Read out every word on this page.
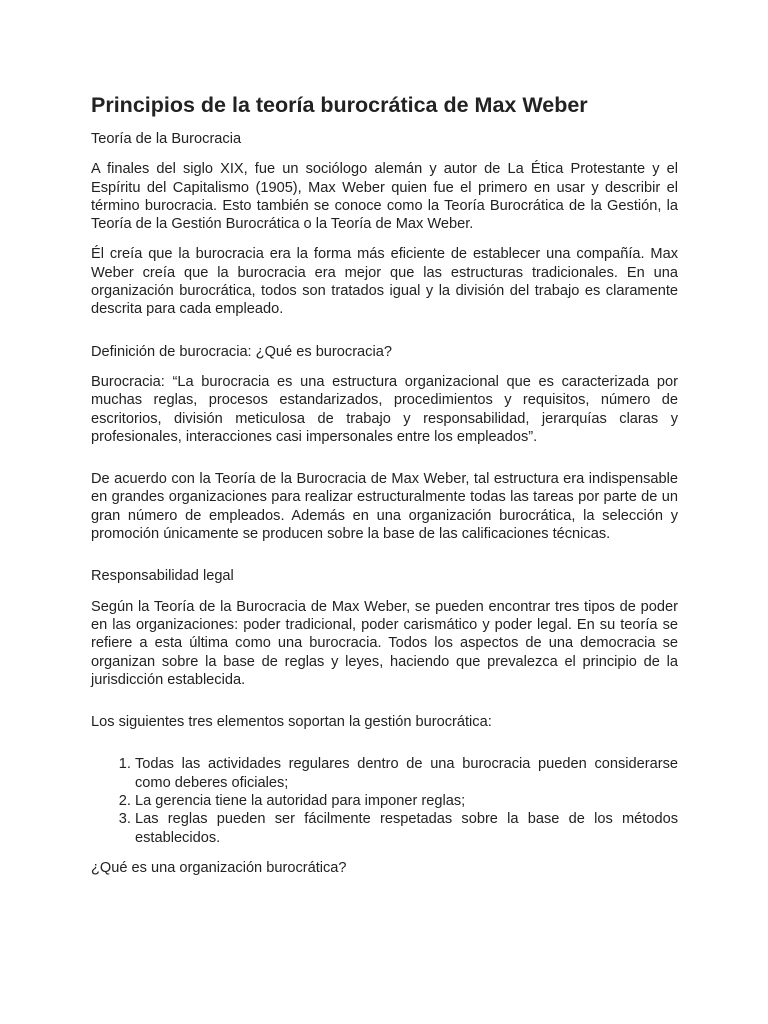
Principios de la teoría burocrática de Max Weber
Teoría de la Burocracia
A finales del siglo XIX, fue un sociólogo alemán y autor de La Ética Protestante y el Espíritu del Capitalismo (1905), Max Weber quien fue el primero en usar y describir el término burocracia. Esto también se conoce como la Teoría Burocrática de la Gestión, la Teoría de la Gestión Burocrática o la Teoría de Max Weber.
Él creía que la burocracia era la forma más eficiente de establecer una compañía. Max Weber creía que la burocracia era mejor que las estructuras tradicionales. En una organización burocrática, todos son tratados igual y la división del trabajo es claramente descrita para cada empleado.
Definición de burocracia: ¿Qué es burocracia?
Burocracia: “La burocracia es una estructura organizacional que es caracterizada por muchas reglas, procesos estandarizados, procedimientos y requisitos, número de escritorios, división meticulosa de trabajo y responsabilidad, jerarquías claras y profesionales, interacciones casi impersonales entre los empleados”.
De acuerdo con la Teoría de la Burocracia de Max Weber, tal estructura era indispensable en grandes organizaciones para realizar estructuralmente todas las tareas por parte de un gran número de empleados. Además en una organización burocrática, la selección y promoción únicamente se producen sobre la base de las calificaciones técnicas.
Responsabilidad legal
Según la Teoría de la Burocracia de Max Weber, se pueden encontrar tres tipos de poder en las organizaciones: poder tradicional, poder carismático y poder legal. En su teoría se refiere a esta última como una burocracia. Todos los aspectos de una democracia se organizan sobre la base de reglas y leyes, haciendo que prevalezca el principio de la jurisdicción establecida.
Los siguientes tres elementos soportan la gestión burocrática:
1. Todas las actividades regulares dentro de una burocracia pueden considerarse como deberes oficiales;
2. La gerencia tiene la autoridad para imponer reglas;
3. Las reglas pueden ser fácilmente respetadas sobre la base de los métodos establecidos.
¿Qué es una organización burocrática?
